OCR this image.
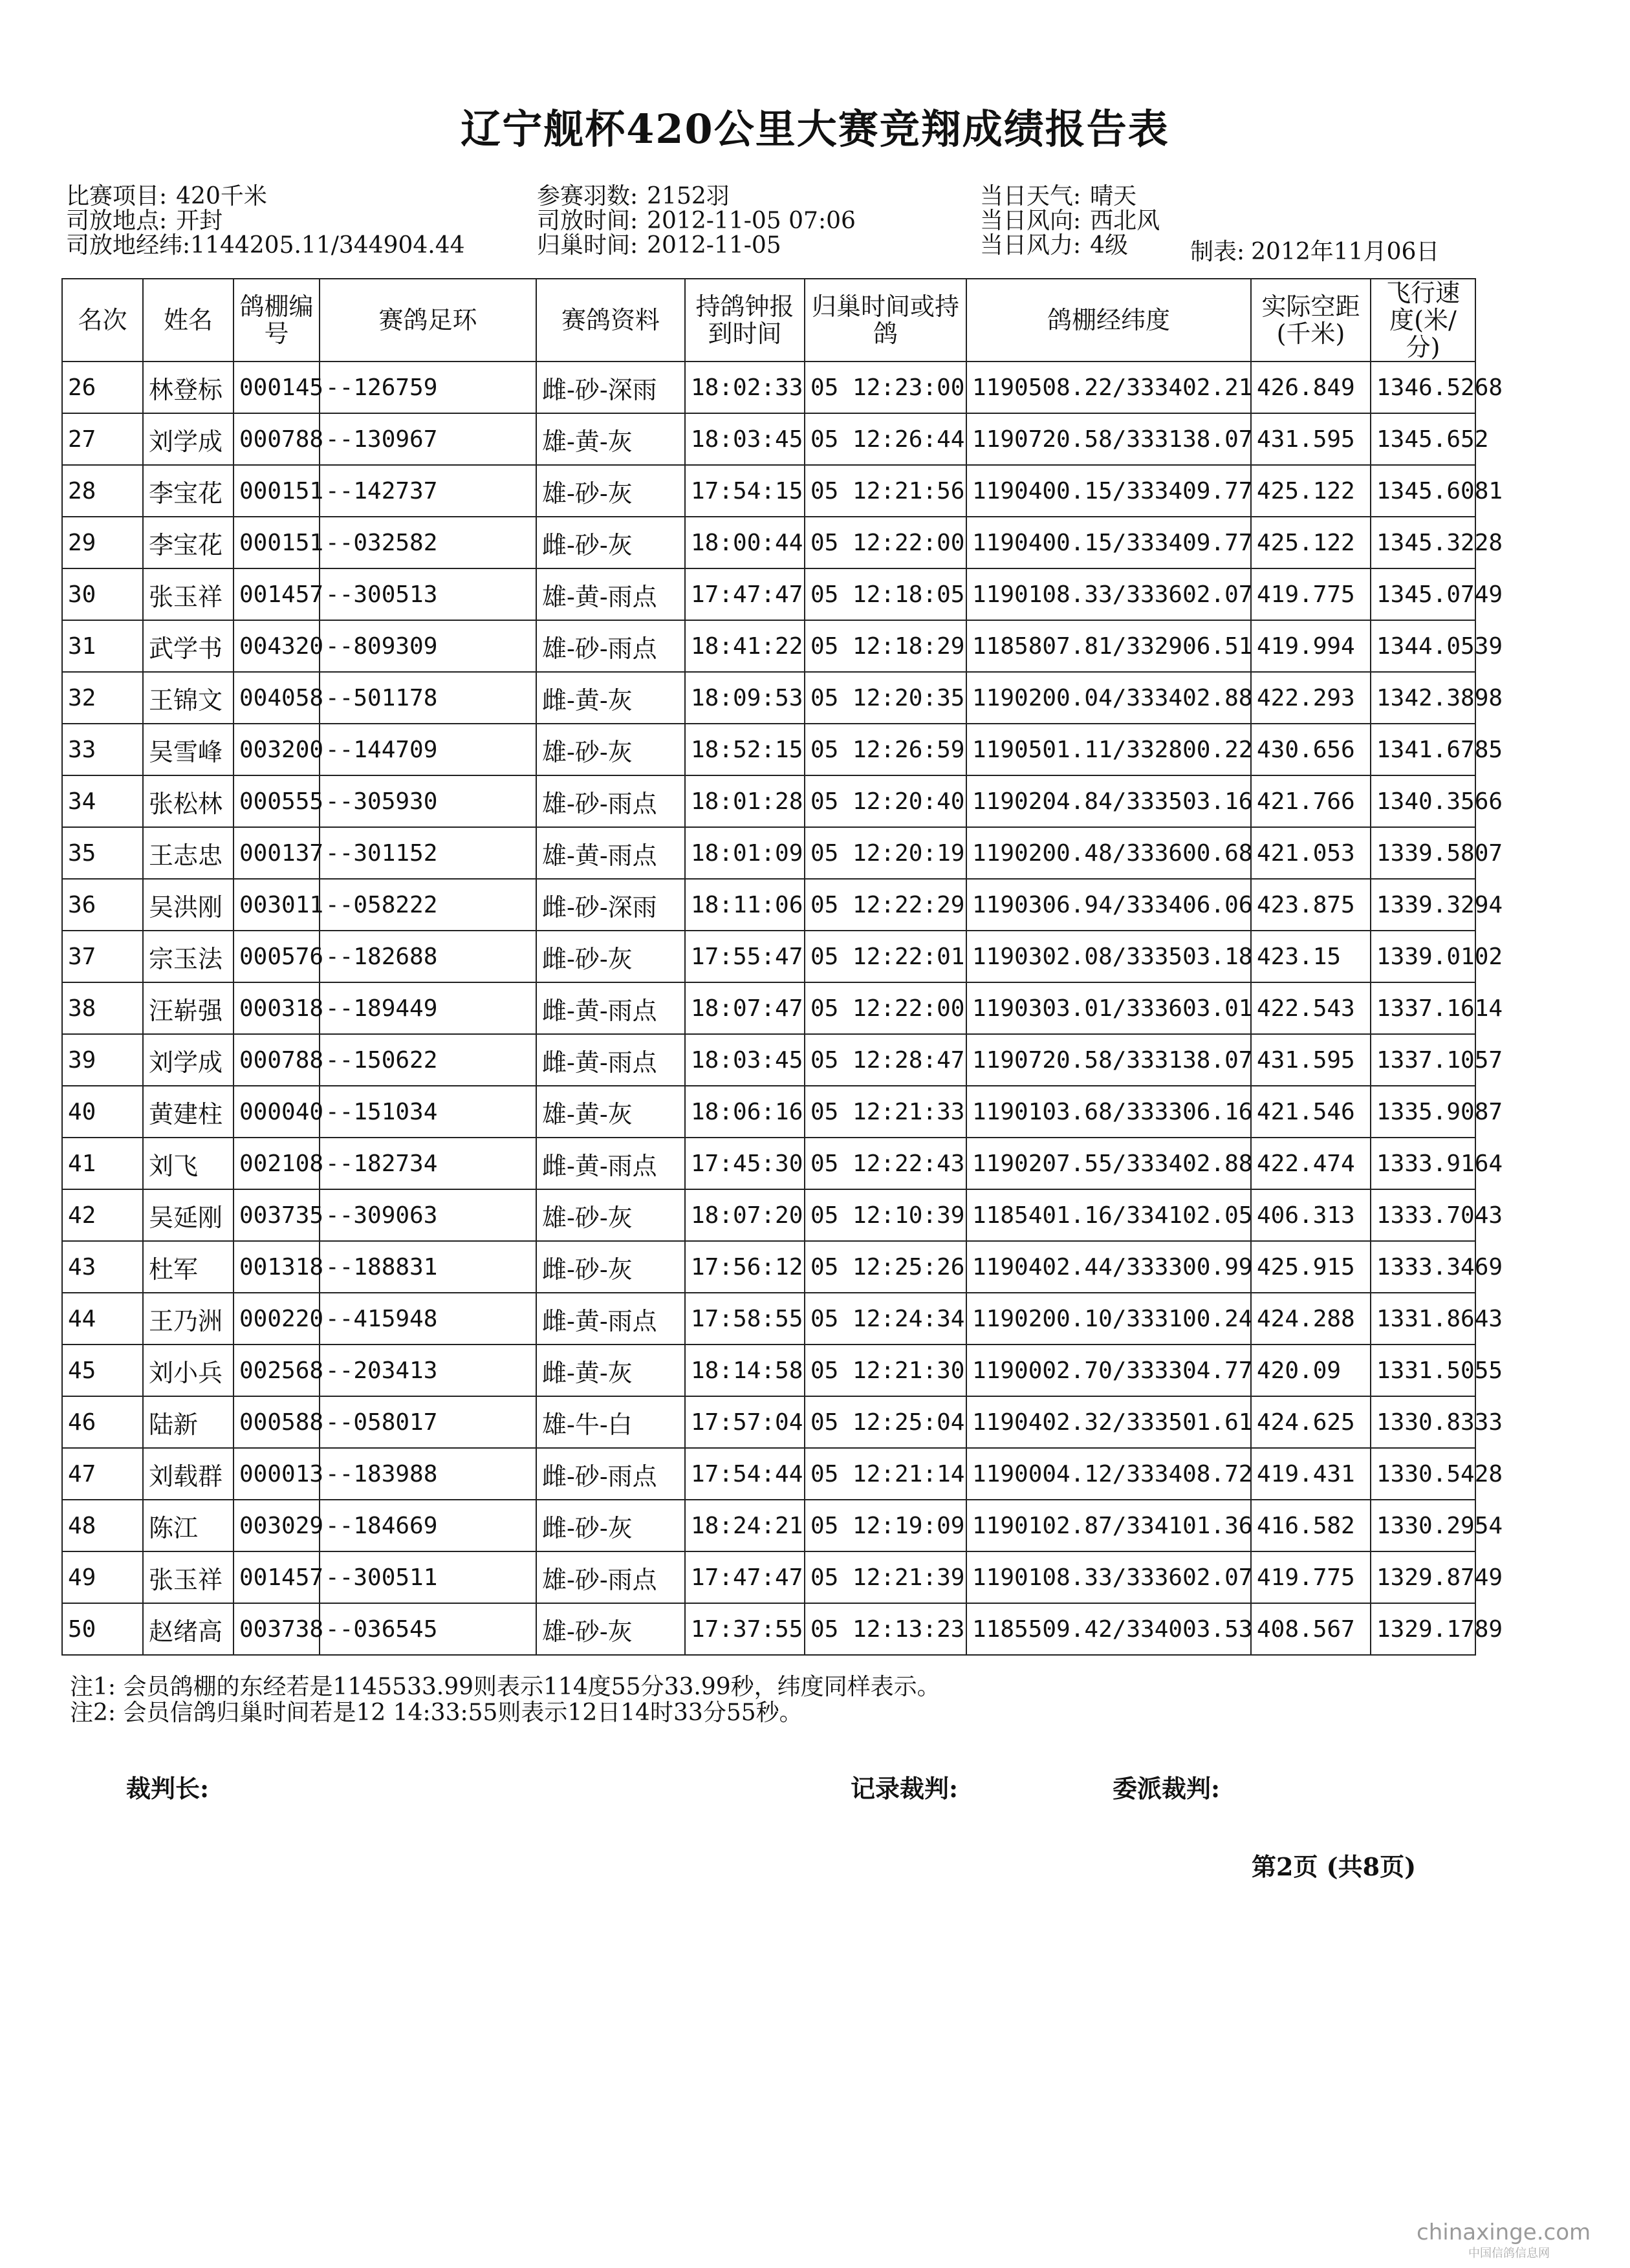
辽宁舰杯420公里大赛竞翔成绩报告表
比赛项目: 420千米
司放地点: 开封
司放地经纬:1144205.11/344904.44
参赛羽数: 2152羽
司放时间: 2012-11-05 07:06
归巢时间: 2012-11-05
当日天气: 晴天
当日风向: 西北风
当日风力: 4级	制表: 2012年11月06日
名次	姓名	鸽棚编号	赛鸽足环	赛鸽资料	持鸽钟报到时间	归巢时间或持鸽	鸽棚经纬度	实际空距(千米)	飞行速度(米/分)
26	林登标	000145	--126759	雌-砂-深雨	18:02:33	05 12:23:00	1190508.22/333402.21	426.849	1346.5268
27	刘学成	000788	--130967	雄-黄-灰	18:03:45	05 12:26:44	1190720.58/333138.07	431.595	1345.652
28	李宝花	000151	--142737	雄-砂-灰	17:54:15	05 12:21:56	1190400.15/333409.77	425.122	1345.6081
29	李宝花	000151	--032582	雌-砂-灰	18:00:44	05 12:22:00	1190400.15/333409.77	425.122	1345.3228
30	张玉祥	001457	--300513	雄-黄-雨点	17:47:47	05 12:18:05	1190108.33/333602.07	419.775	1345.0749
31	武学书	004320	--809309	雄-砂-雨点	18:41:22	05 12:18:29	1185807.81/332906.51	419.994	1344.0539
32	王锦文	004058	--501178	雌-黄-灰	18:09:53	05 12:20:35	1190200.04/333402.88	422.293	1342.3898
33	吴雪峰	003200	--144709	雄-砂-灰	18:52:15	05 12:26:59	1190501.11/332800.22	430.656	1341.6785
34	张松林	000555	--305930	雄-砂-雨点	18:01:28	05 12:20:40	1190204.84/333503.16	421.766	1340.3566
35	王志忠	000137	--301152	雄-黄-雨点	18:01:09	05 12:20:19	1190200.48/333600.68	421.053	1339.5807
36	吴洪刚	003011	--058222	雌-砂-深雨	18:11:06	05 12:22:29	1190306.94/333406.06	423.875	1339.3294
37	宗玉法	000576	--182688	雌-砂-灰	17:55:47	05 12:22:01	1190302.08/333503.18	423.15	1339.0102
38	汪崭强	000318	--189449	雌-黄-雨点	18:07:47	05 12:22:00	1190303.01/333603.01	422.543	1337.1614
39	刘学成	000788	--150622	雌-黄-雨点	18:03:45	05 12:28:47	1190720.58/333138.07	431.595	1337.1057
40	黄建柱	000040	--151034	雄-黄-灰	18:06:16	05 12:21:33	1190103.68/333306.16	421.546	1335.9087
41	刘飞	002108	--182734	雌-黄-雨点	17:45:30	05 12:22:43	1190207.55/333402.88	422.474	1333.9164
42	吴延刚	003735	--309063	雄-砂-灰	18:07:20	05 12:10:39	1185401.16/334102.05	406.313	1333.7043
43	杜军	001318	--188831	雌-砂-灰	17:56:12	05 12:25:26	1190402.44/333300.99	425.915	1333.3469
44	王乃洲	000220	--415948	雌-黄-雨点	17:58:55	05 12:24:34	1190200.10/333100.24	424.288	1331.8643
45	刘小兵	002568	--203413	雌-黄-灰	18:14:58	05 12:21:30	1190002.70/333304.77	420.09	1331.5055
46	陆新	000588	--058017	雄-牛-白	17:57:04	05 12:25:04	1190402.32/333501.61	424.625	1330.8333
47	刘载群	000013	--183988	雌-砂-雨点	17:54:44	05 12:21:14	1190004.12/333408.72	419.431	1330.5428
48	陈江	003029	--184669	雌-砂-灰	18:24:21	05 12:19:09	1190102.87/334101.36	416.582	1330.2954
49	张玉祥	001457	--300511	雄-砂-雨点	17:47:47	05 12:21:39	1190108.33/333602.07	419.775	1329.8749
50	赵绪高	003738	--036545	雄-砂-灰	17:37:55	05 12:13:23	1185509.42/334003.53	408.567	1329.1789
注1: 会员鸽棚的东经若是1145533.99则表示114度55分33.99秒，纬度同样表示。
注2: 会员信鸽归巢时间若是12 14:33:55则表示12日14时33分55秒。
裁判长:	记录裁判:	委派裁判:
第2页 (共8页)
chinaxinge.com
中国信鸽信息网
